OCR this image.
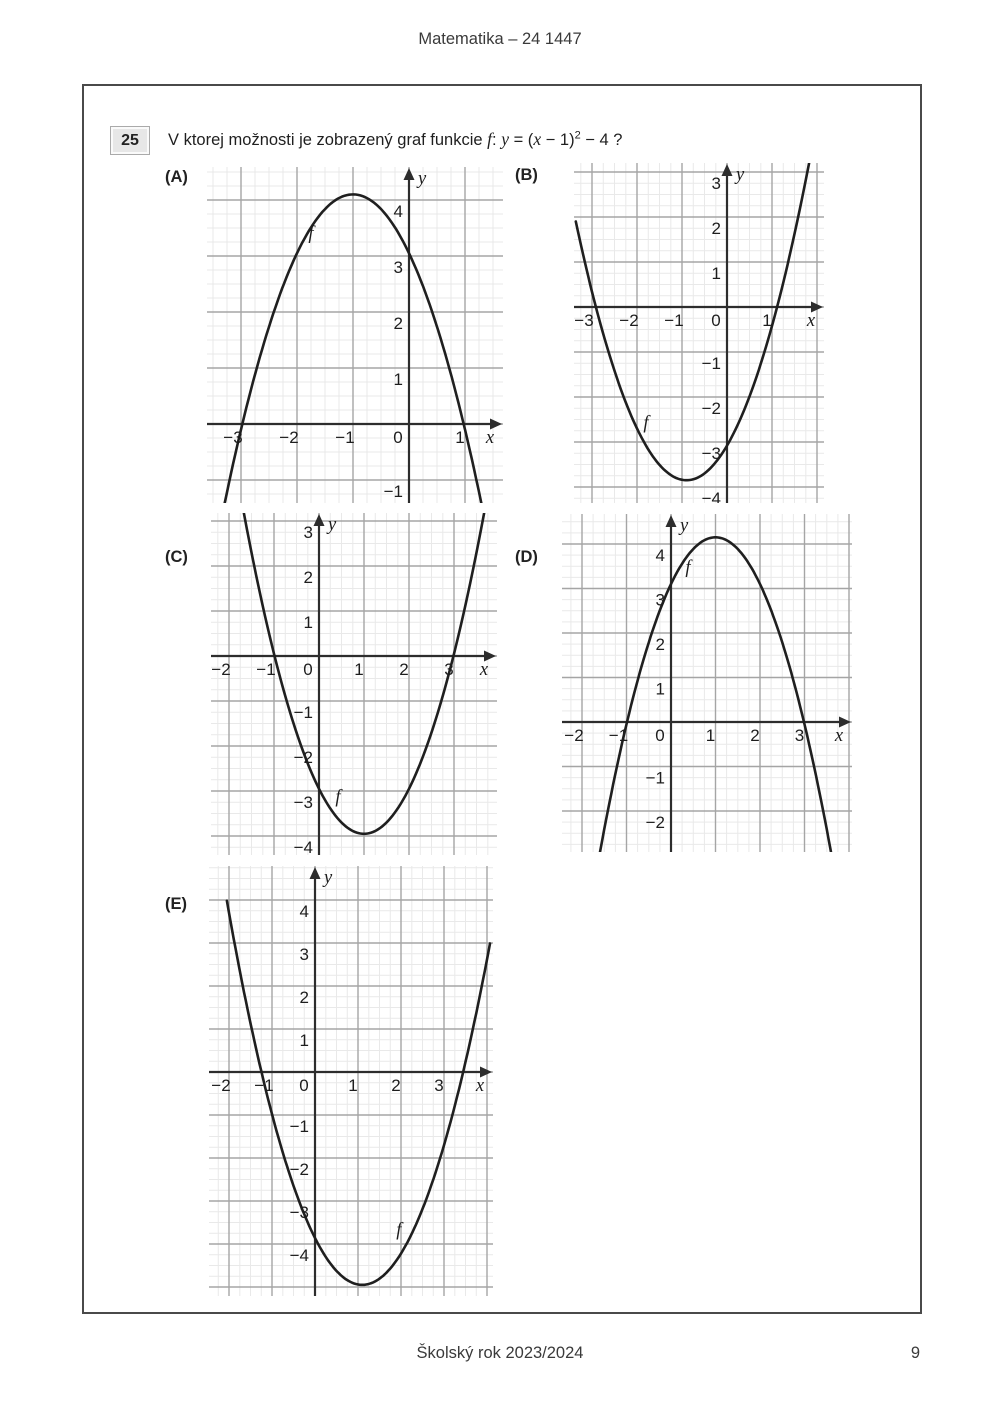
Matematika – 24 1447
25	V ktorej možnosti je zobrazený graf funkcie f: $y = (x - 1)^2 - 4$ ?
(A)	(B)
(C)	(D)
(E)
−3 −2 −1	1
4
3
2
1
−1
0	x
y
f
−3 −2 −1	1
3
2
1
−1
−2
−3
−4
0	x
y
f
−2 −1	1 2 3
3
2
1
−1
−2
−3
−4
0	x
y
f
−2 −1	1 2 3
4
3
2
1
−1
−2
0	x
y
f
−2 −1	1 2 3
4
3
2
1
−1
−2
−3
−4
0	x
y
f
Školský rok 2023/2024	9
